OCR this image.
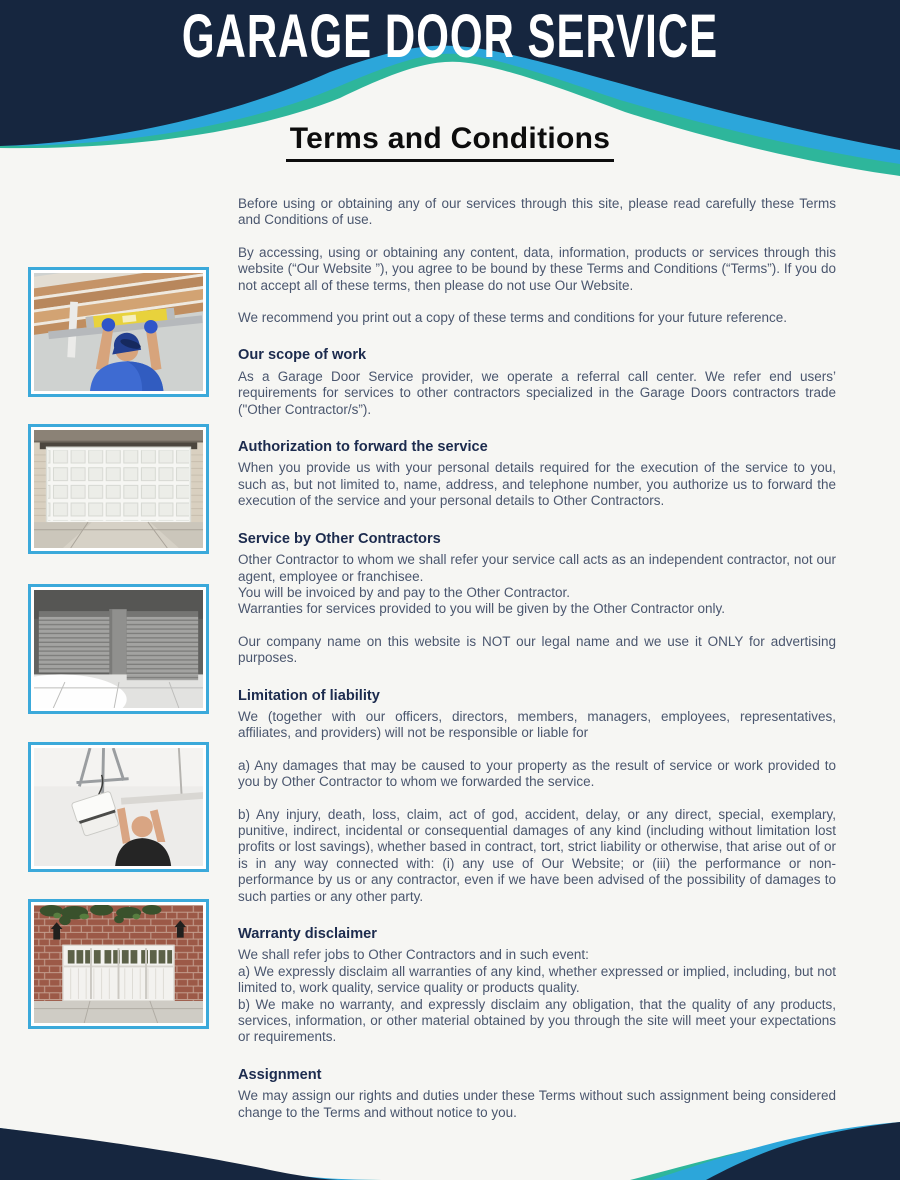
GARAGE DOOR SERVICE
Terms and Conditions

Before using or obtaining any of our services through this site, please read carefully these Terms and Conditions of use.

By accessing, using or obtaining any content, data, information, products or services through this website (“Our Website ”), you agree to be bound by these Terms and Conditions (“Terms”). If you do not accept all of these terms, then please do not use Our Website.

We recommend you print out a copy of these terms and conditions for your future reference.

Our scope of work

As a Garage Door Service provider, we operate a referral call center. We refer end users’ requirements for services to other contractors specialized in the Garage Doors contractors trade ("Other Contractor/s”).

Authorization to forward the service

When you provide us with your personal details required for the execution of the service to you, such as, but not limited to, name, address, and telephone number, you authorize us to forward the execution of the service and your personal details to Other Contractors.

Service by Other Contractors

Other Contractor to whom we shall refer your service call acts as an independent contractor, not our agent, employee or franchisee.
You will be invoiced by and pay to the Other Contractor.
Warranties for services provided to you will be given by the Other Contractor only.

Our company name on this website is NOT our legal name and we use it ONLY for advertising purposes.

Limitation of liability

We (together with our officers, directors, members, managers, employees, representatives, affiliates, and providers) will not be responsible or liable for

a) Any damages that may be caused to your property as the result of service or work provided to you by Other Contractor to whom we forwarded the service.

b) Any injury, death, loss, claim, act of god, accident, delay, or any direct, special, exemplary, punitive, indirect, incidental or consequential damages of any kind (including without limitation lost profits or lost savings), whether based in contract, tort, strict liability or otherwise, that arise out of or is in any way connected with: (i) any use of Our Website; or (iii) the performance or non-performance by us or any contractor, even if we have been advised of the possibility of damages to such parties or any other party.

Warranty disclaimer

We shall refer jobs to Other Contractors and in such event:
a) We expressly disclaim all warranties of any kind, whether expressed or implied, including, but not limited to, work quality, service quality or products quality.
b) We make no warranty, and expressly disclaim any obligation, that the quality of any products, services, information, or other material obtained by you through the site will meet your expectations or requirements.

Assignment

We may assign our rights and duties under these Terms without such assignment being considered change to the Terms and without notice to you.
